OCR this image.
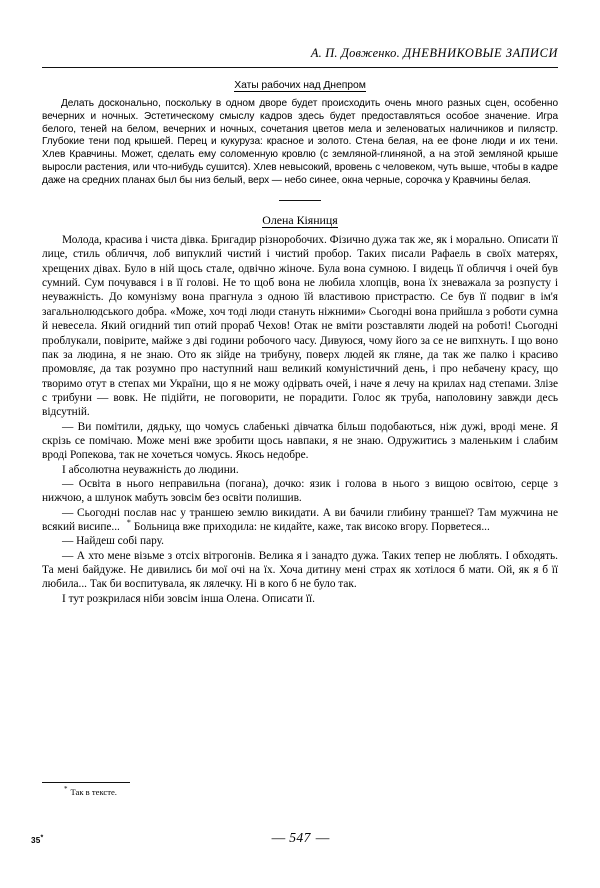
А. П. Довженко. ДНЕВНИКОВЫЕ ЗАПИСИ
Хаты рабочих над Днепром

Делать досконально, поскольку в одном дворе будет происходить очень много разных сцен, особенно вечерних и ночных. Эстетическому смыслу кадров здесь будет предоставляться особое значение. Игра белого, теней на белом, вечерних и ночных, сочетания цветов мела и зеленоватых наличников и пилястр. Глубокие тени под крышей. Перец и кукуруза: красное и золото. Стена белая, на ее фоне люди и их тени. Хлев Кравчины. Может, сделать ему соломенную кровлю (с земляной-глиняной, а на этой земляной крыше выросли растения, или что-нибудь сушится). Хлев невысокий, вровень с человеком, чуть выше, чтобы в кадре даже на средних планах был бы низ белый, верх — небо синее, окна черные, сорочка у Кравчины белая.

Олена Кіяниця

Молода, красива і чиста дівка. Бригадир різноробочих. Фізично дужа так же, як і морально. Описати її лице, стиль обличчя, лоб випуклий чистий і чистий пробор. Таких писали Рафаель в своїх матерях, хрещених дівах. Було в ній щось стале, одвічно жіноче. Була вона сумною. І видець її обличчя і очей був сумний. Сум почувався і в її голові. Не то щоб вона не любила хлопців, вона їх зневажала за розпусту і неуважність. До комунізму вона прагнула з одною їй властивою пристрастю. Се був її подвиг в ім'я загальнолюдського добра. «Може, хоч тоді люди стануть ніжними» Сьогодні вона прийшла з роботи сумна й невесела. Який огидний тип отий прораб Чехов! Отак не вміти розставляти людей на роботі! Сьогодні проблукали, повірите, майже з дві години робочого часу. Дивуюся, чому його за се не випхнуть. І що воно пак за людина, я не знаю. Ото як зійде на трибуну, поверх людей як гляне, да так же палко і красиво промовляє, да так розумно про наступний наш великий комуністичний день, і про небачену красу, що творимо отут в степах ми України, що я не можу одірвать очей, і наче я лечу на крилах над степами. Злізе с трибуни — вовк. Не підійти, не поговорити, не порадити. Голос як труба, наполовину завжди десь відсутній.

— Ви помітили, дядьку, що чомусь слабенькі дівчатка більш подобаються, ніж дужі, вроді мене. Я скрізь се помічаю. Може мені вже зробити щось навпаки, я не знаю. Одружитись з маленьким і слабим вроді Ропекова, так не хочеться чомусь. Якось недобре.

І абсолютна неуважність до людини.

— Освіта в нього неправильна (погана), дочко: язик і голова в нього з вищою освітою, серце з нижчою, а шлунок мабуть зовсім без освіти полишив.

— Сьогодні послав нас у траншею землю викидати. А ви бачили глибину траншеї? Там мужчина не всякий висипе... * Больница вже приходила: не кидайте, каже, так високо вгору. Порветеся...

— Найдеш собі пару.

— А хто мене візьме з отсіх вітрогонів. Велика я і занадто дужа. Таких тепер не люблять. І обходять. Та мені байдуже. Не дивились би мої очі на їх. Хоча дитину мені страх як хотілося б мати. Ой, як я б її любила... Так би воспитувала, як лялечку. Ні в кого б не було так.

І тут розкрилася ніби зовсім інша Олена. Описати її.

* Так в тексте.
35*	— 547 —
